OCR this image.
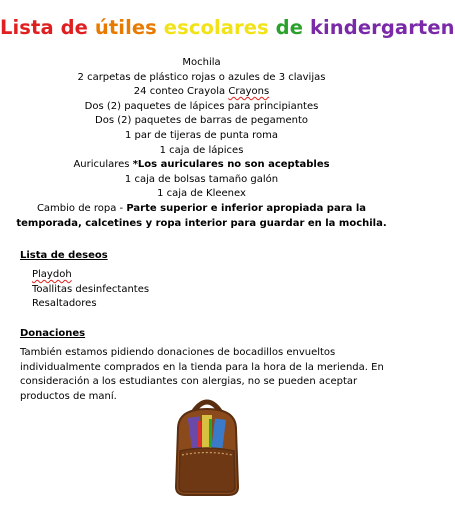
Lista de útiles escolares de kindergarten
Mochila
2 carpetas de plástico rojas o azules de 3 clavijas
24 conteo Crayola Crayons
Dos (2) paquetes de lápices para principiantes
Dos (2) paquetes de barras de pegamento
1 par de tijeras de punta roma
1 caja de lápices
Auriculares *Los auriculares no son aceptables
1 caja de bolsas tamaño galón
1 caja de Kleenex
Cambio de ropa - Parte superior e inferior apropiada para la temporada, calcetines y ropa interior para guardar en la mochila.
Lista de deseos
Playdoh
Toallitas desinfectantes
Resaltadores
Donaciones
También estamos pidiendo donaciones de bocadillos envueltos individualmente comprados en la tienda para la hora de la merienda. En consideración a los estudiantes con alergias, no se pueden aceptar productos de maní.
